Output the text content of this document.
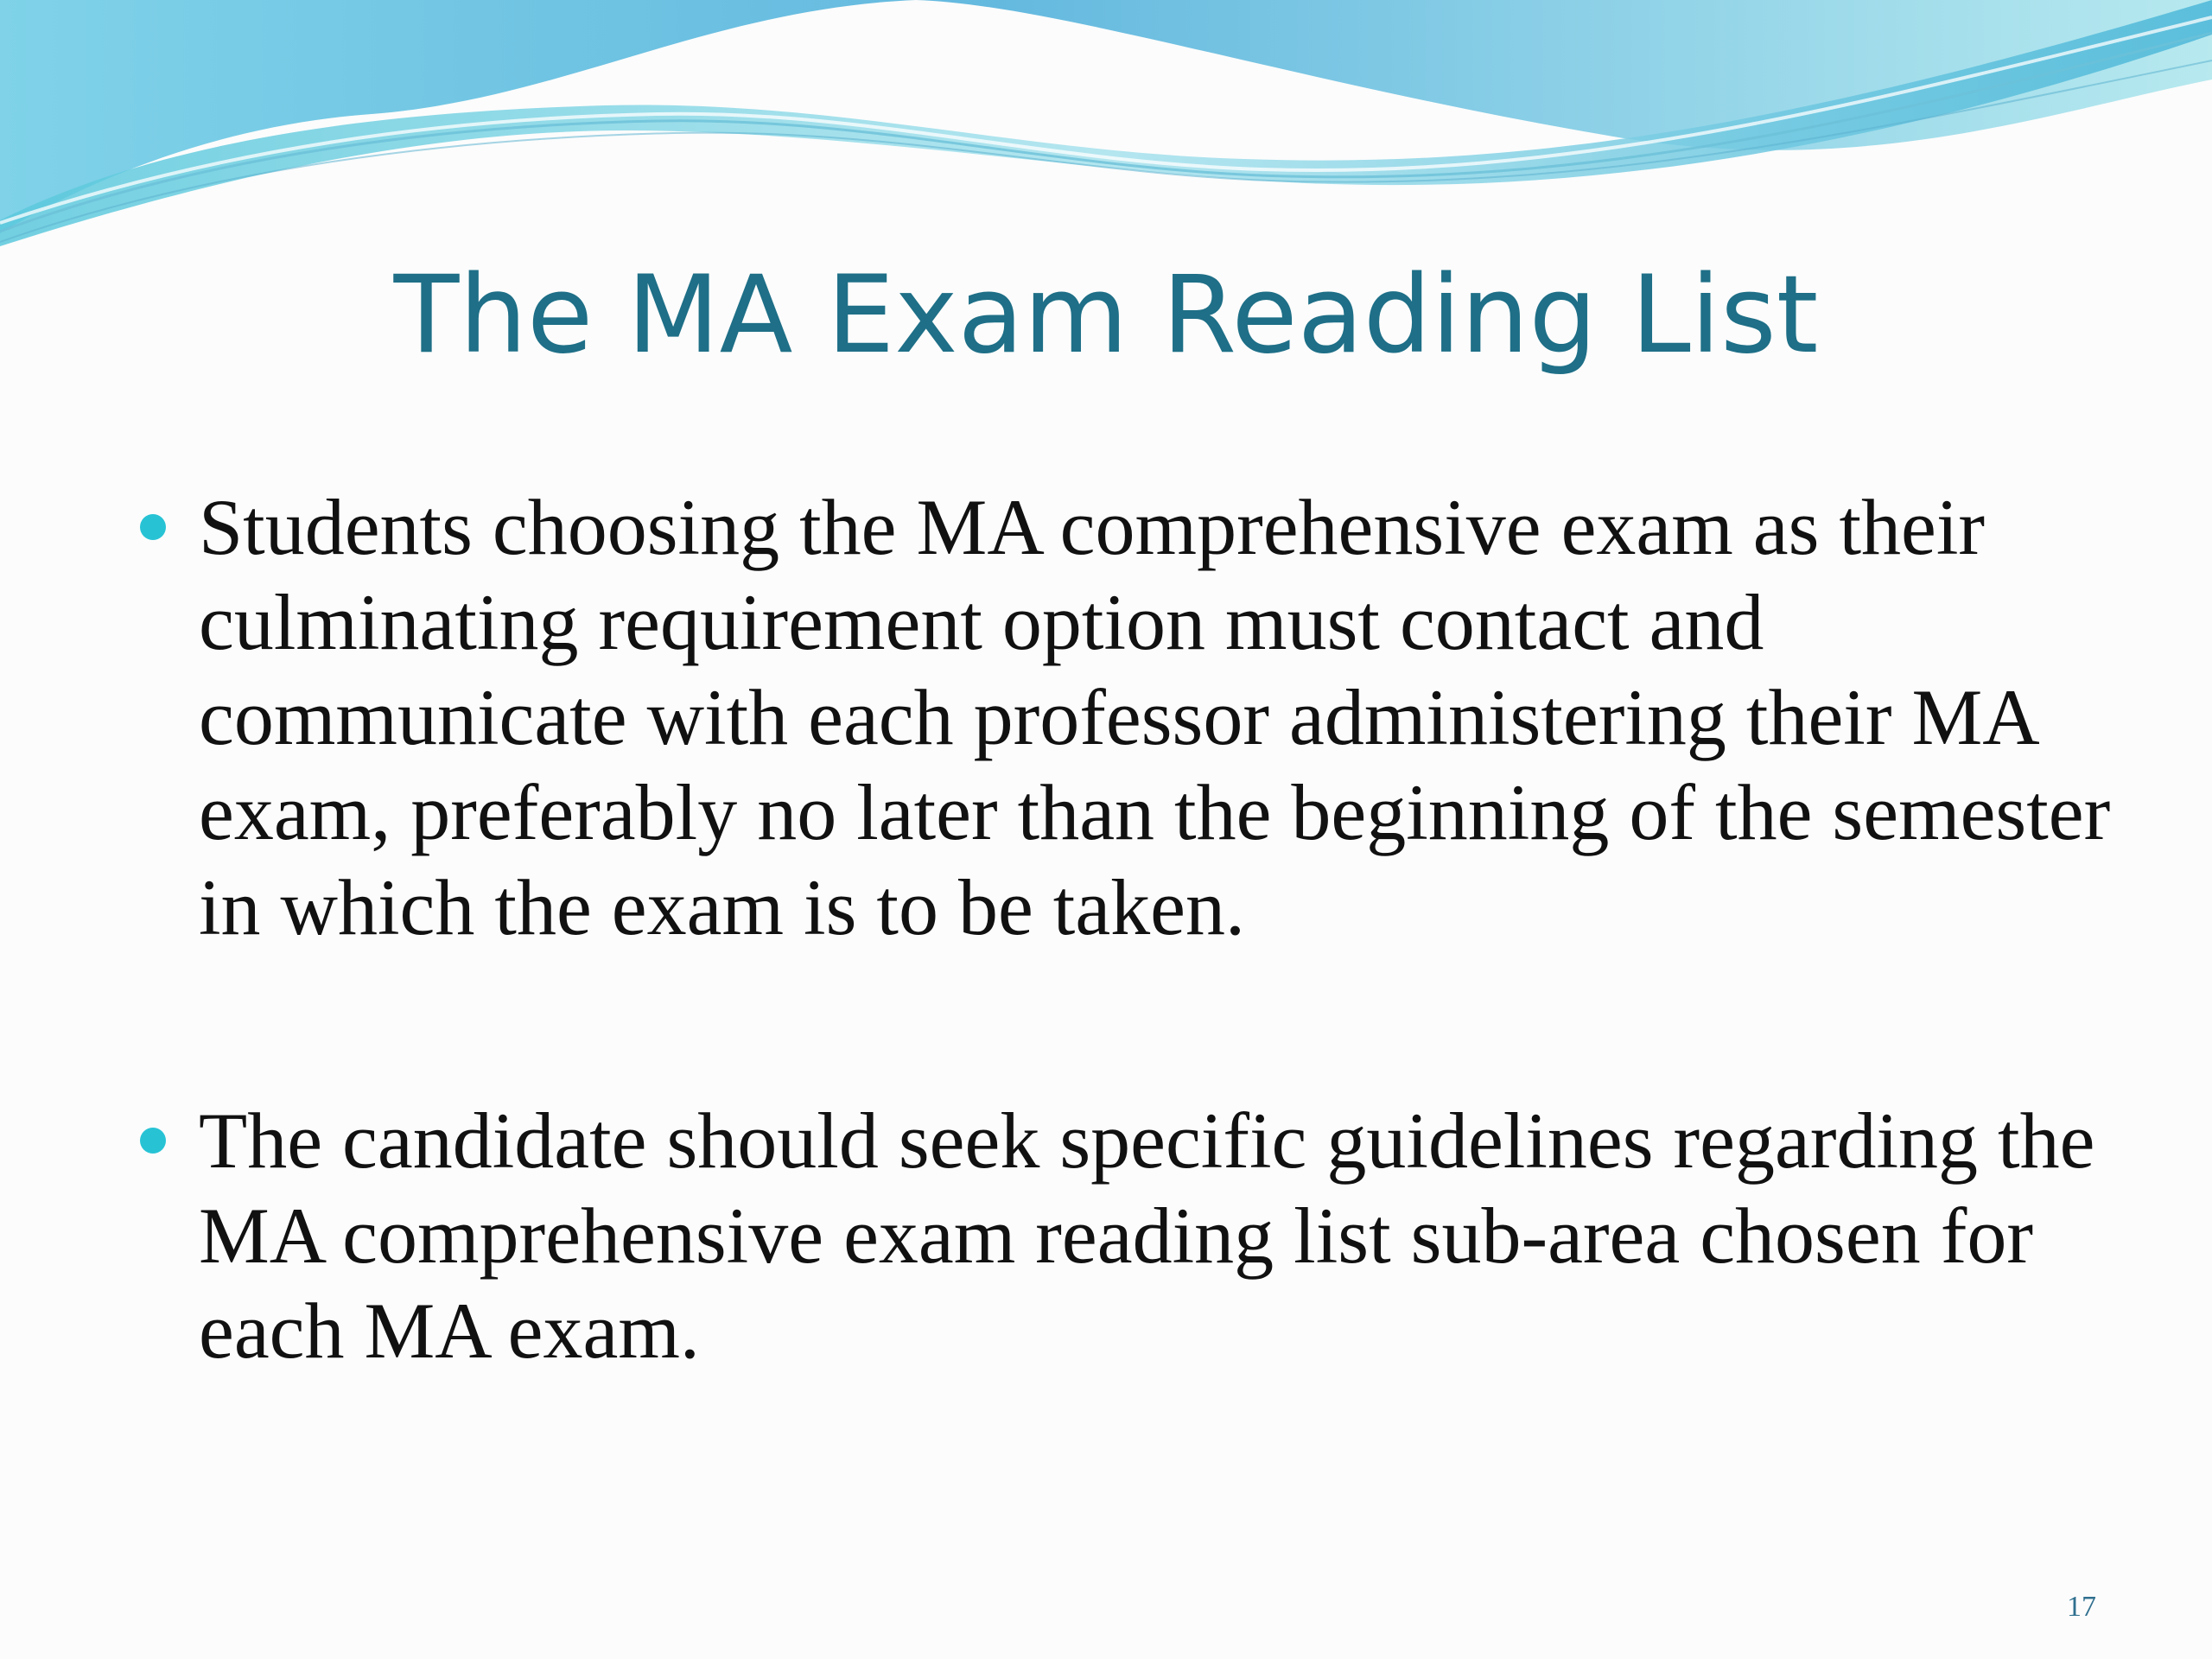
The MA Exam Reading List
Students choosing the MA comprehensive exam as their culminating requirement option must contact and communicate with each professor administering their MA exam, preferably no later than the beginning of the semester in which the exam is to be taken.
The candidate should seek specific guidelines regarding the MA comprehensive exam reading list sub-area chosen for each MA exam.
17
